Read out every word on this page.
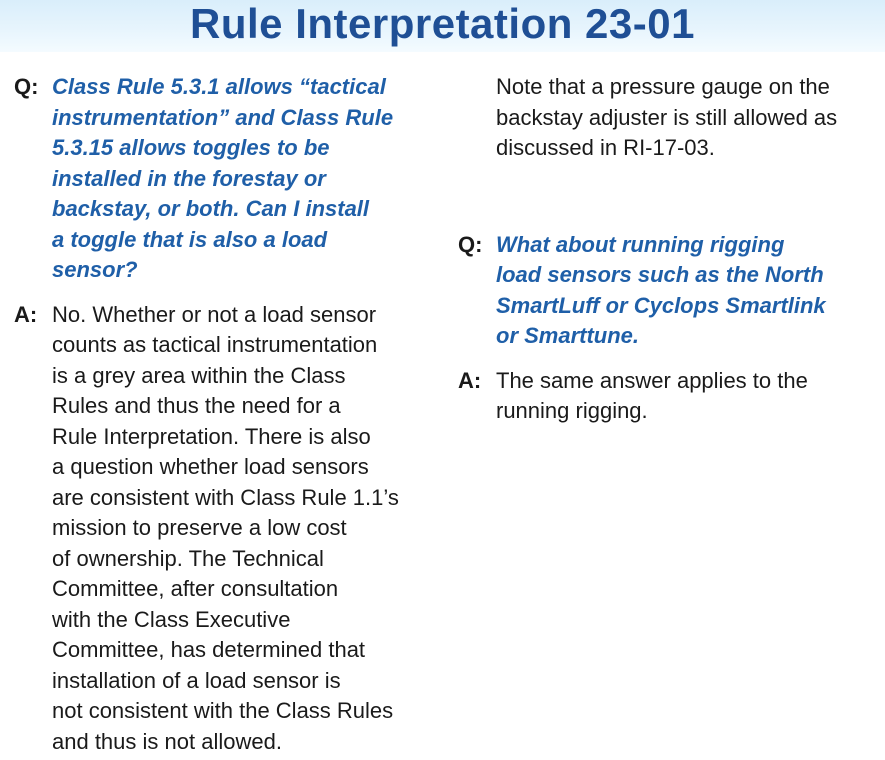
Rule Interpretation 23-01
Q: Class Rule 5.3.1 allows “tactical
instrumentation” and Class Rule
5.3.15 allows toggles to be
installed in the forestay or
backstay, or both. Can I install
a toggle that is also a load
sensor?
A: No. Whether or not a load sensor
counts as tactical instrumentation
is a grey area within the Class
Rules and thus the need for a
Rule Interpretation. There is also
a question whether load sensors
are consistent with Class Rule 1.1’s
mission to preserve a low cost
of ownership. The Technical
Committee, after consultation
with the Class Executive
Committee, has determined that
installation of a load sensor is
not consistent with the Class Rules
and thus is not allowed.
Note that a pressure gauge on the
backstay adjuster is still allowed as
discussed in RI-17-03.
Q: What about running rigging
load sensors such as the North
SmartLuff or Cyclops Smartlink
or Smarttune.
A: The same answer applies to the
running rigging.
